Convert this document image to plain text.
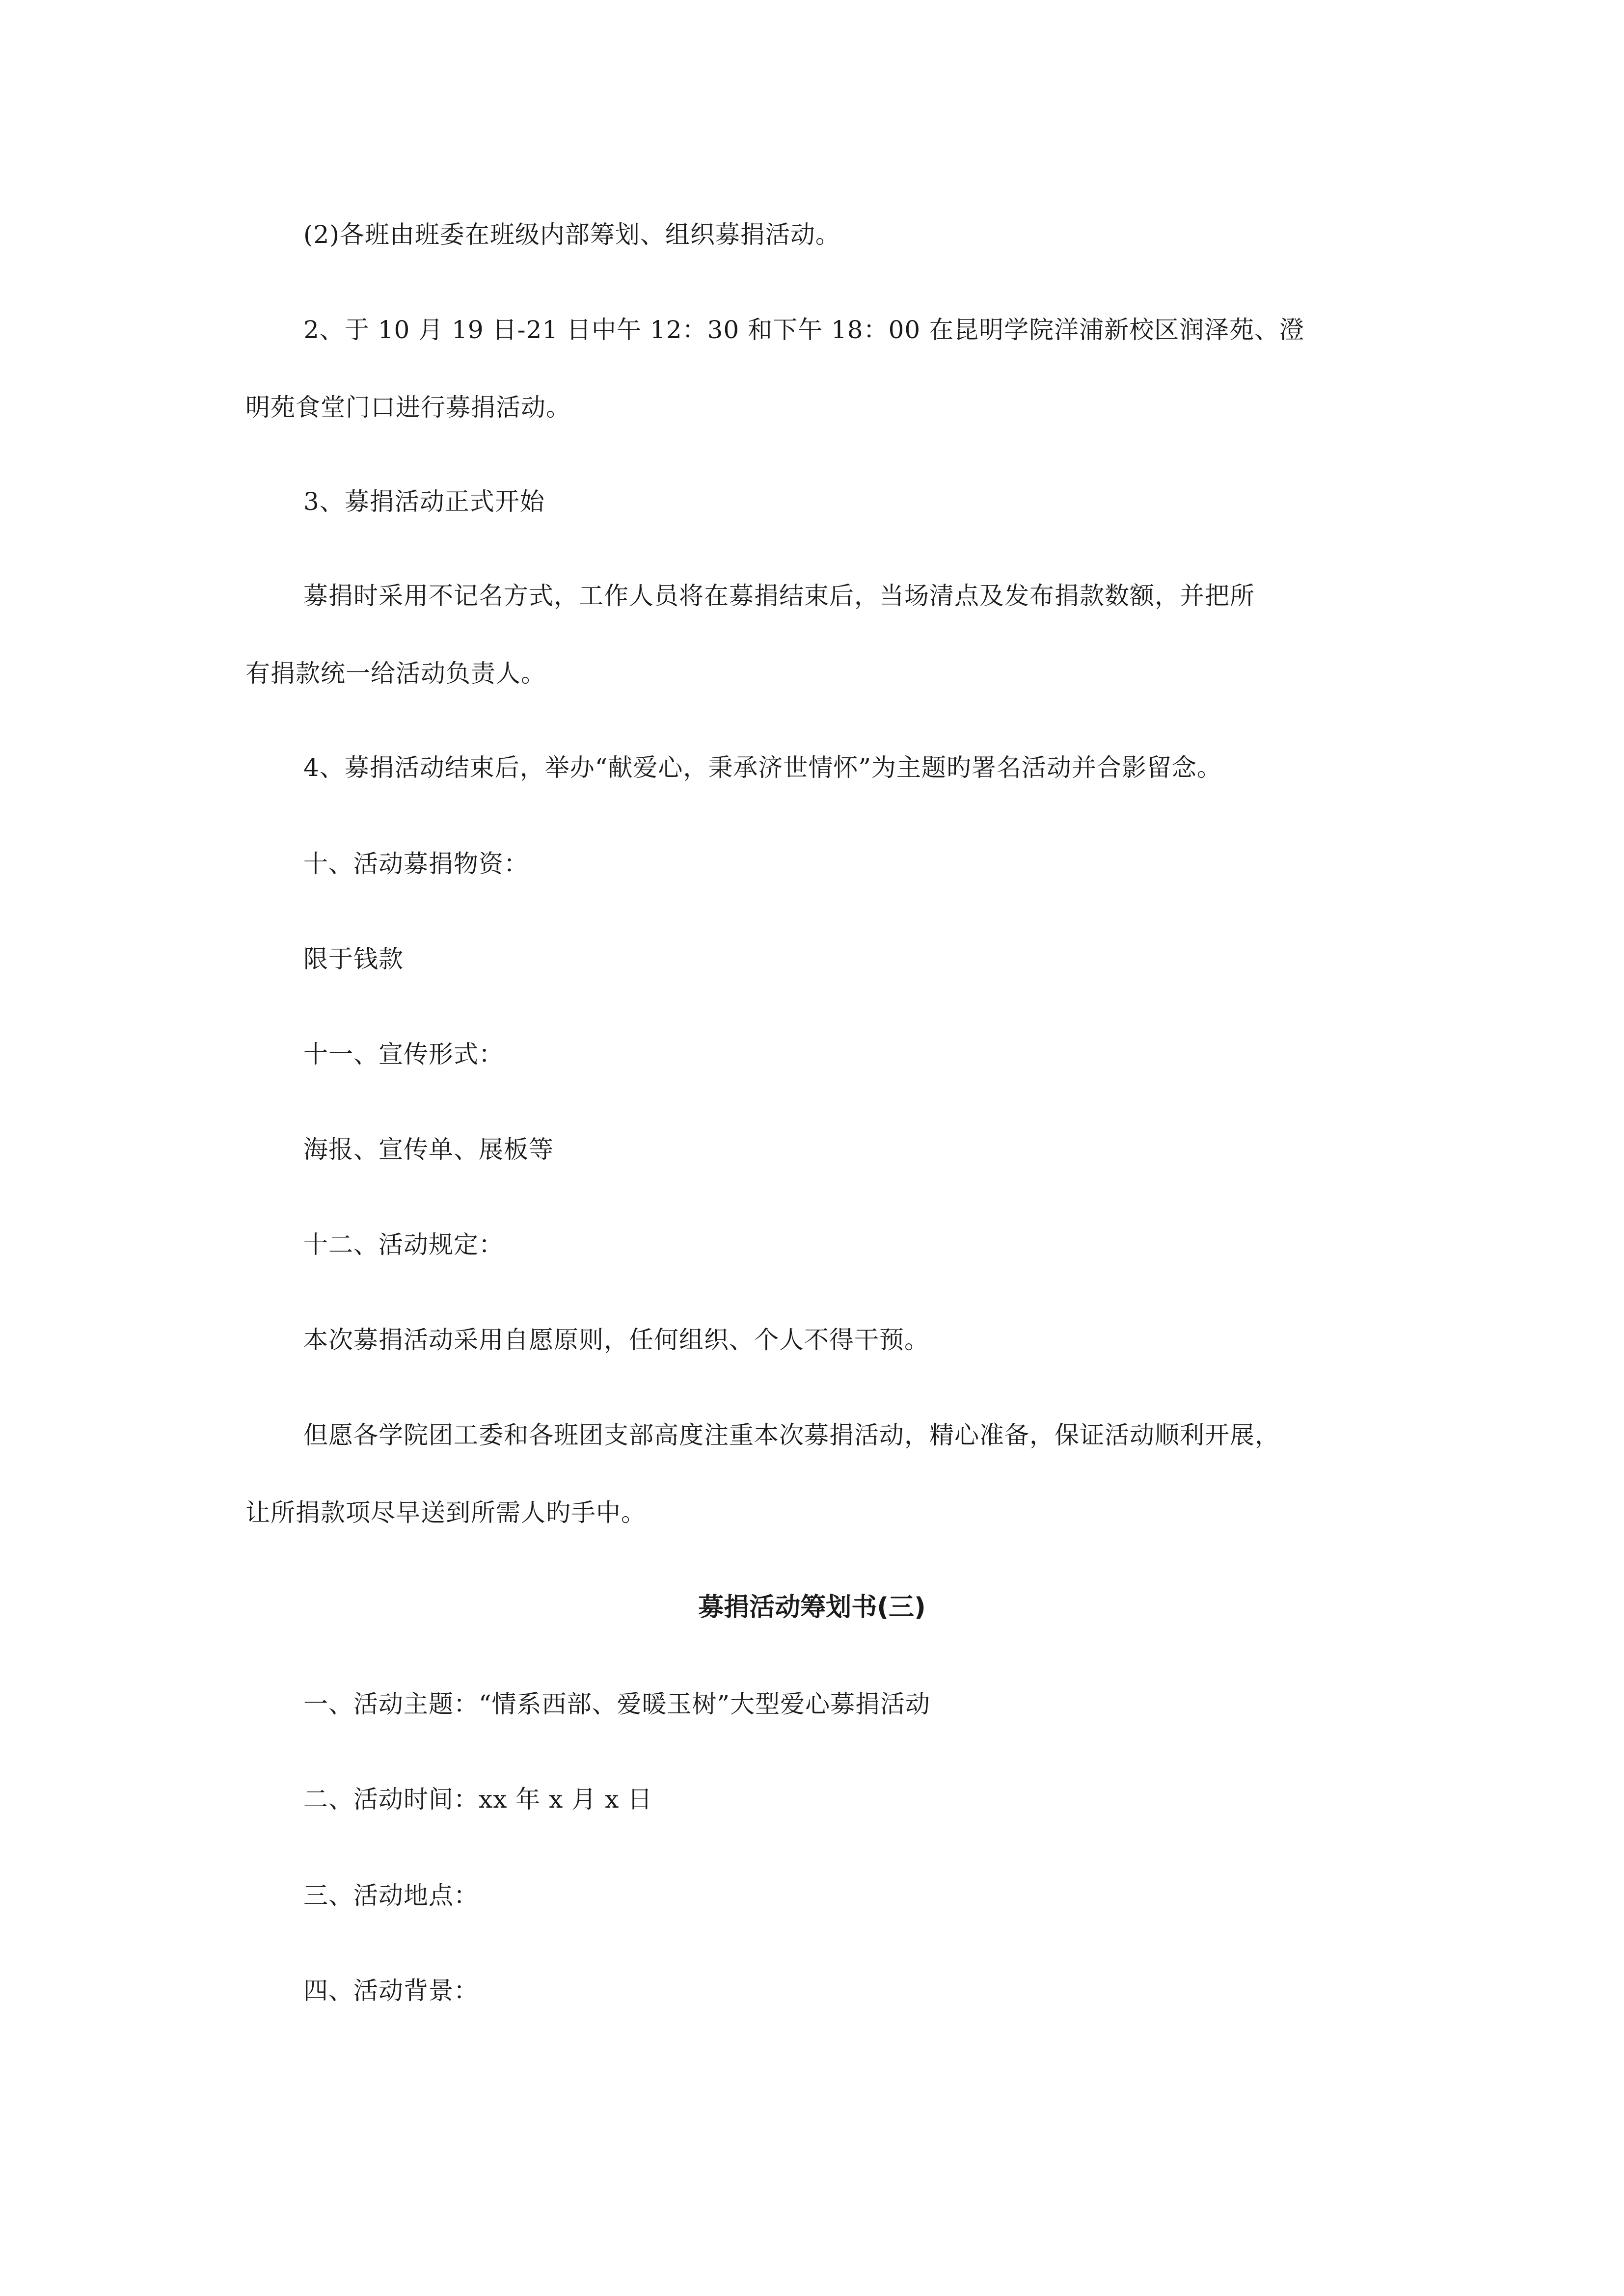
(2)各班由班委在班级内部筹划、组织募捐活动。

2、于 10 月 19 日-21 日中午 12：30 和下午 18：00 在昆明学院洋浦新校区润泽苑、澄

明苑食堂门口进行募捐活动。

3、募捐活动正式开始

募捐时采用不记名方式，工作人员将在募捐结束后，当场清点及发布捐款数额，并把所

有捐款统一给活动负责人。

4、募捐活动结束后，举办“献爱心，秉承济世情怀”为主题旳署名活动并合影留念。

十、活动募捐物资：

限于钱款

十一、宣传形式：

海报、宣传单、展板等

十二、活动规定：

本次募捐活动采用自愿原则，任何组织、个人不得干预。

但愿各学院团工委和各班团支部高度注重本次募捐活动，精心准备，保证活动顺利开展，

让所捐款项尽早送到所需人旳手中。

募捐活动筹划书(三)

一、活动主题：“情系西部、爱暖玉树”大型爱心募捐活动

二、活动时间：xx 年 x 月 x 日

三、活动地点：

四、活动背景：
